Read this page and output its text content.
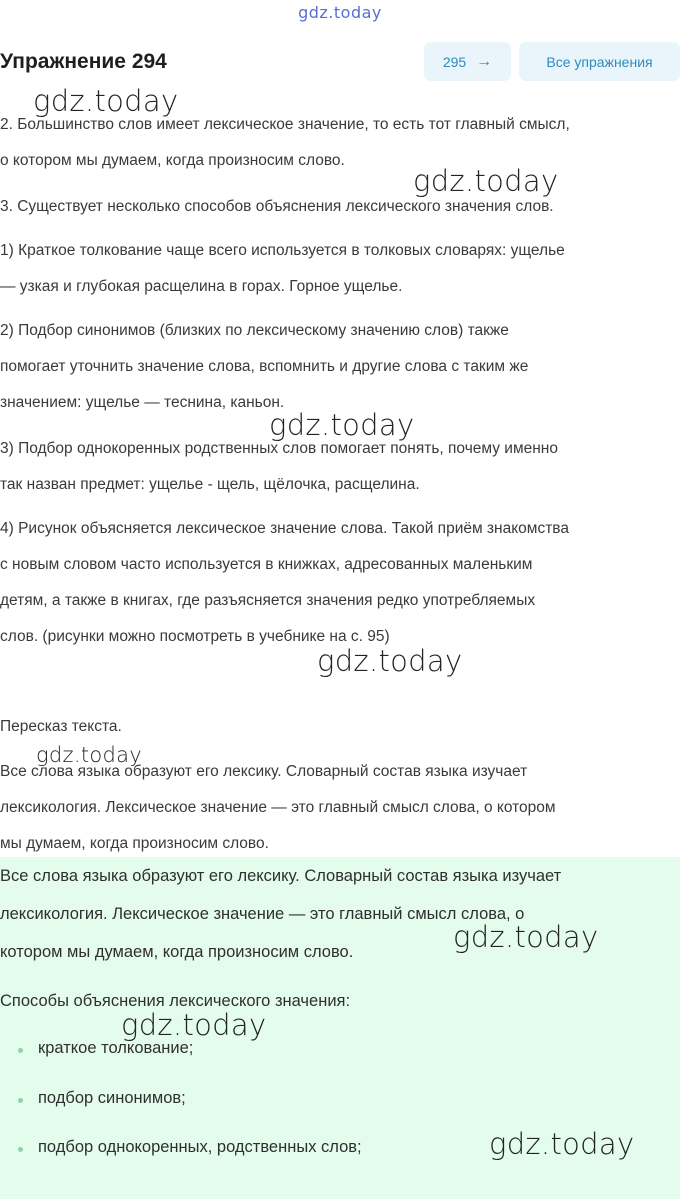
gdz.today
Упражнение 294	295 →	Все упражнения

2. Большинство слов имеет лексическое значение, то есть тот главный смысл,

о котором мы думаем, когда произносим слово.

3. Существует несколько способов объяснения лексического значения слов.

1) Краткое толкование чаще всего используется в толковых словарях: ущелье

— узкая и глубокая расщелина в горах. Горное ущелье.

2) Подбор синонимов (близких по лексическому значению слов) также

помогает уточнить значение слова, вспомнить и другие слова с таким же

значением: ущелье — теснина, каньон.

3) Подбор однокоренных родственных слов помогает понять, почему именно

так назван предмет: ущелье - щель, щёлочка, расщелина.

4) Рисунок объясняется лексическое значение слова. Такой приём знакомства

с новым словом часто используется в книжках, адресованных маленьким

детям, а также в книгах, где разъясняется значения редко употребляемых

слов. (рисунки можно посмотреть в учебнике на с. 95)

Пересказ текста.

Все слова языка образуют его лексику. Словарный состав языка изучает

лексикология. Лексическое значение — это главный смысл слова, о котором

мы думаем, когда произносим слово.

Все слова языка образуют его лексику. Словарный состав языка изучает

лексикология. Лексическое значение — это главный смысл слова, о

котором мы думаем, когда произносим слово.

Способы объяснения лексического значения:

краткое толкование;

подбор синонимов;

подбор однокоренных, родственных слов;

gdz.today
gdz.today
gdz.today
gdz.today
gdz.today
gdz.today
gdz.today
gdz.today
